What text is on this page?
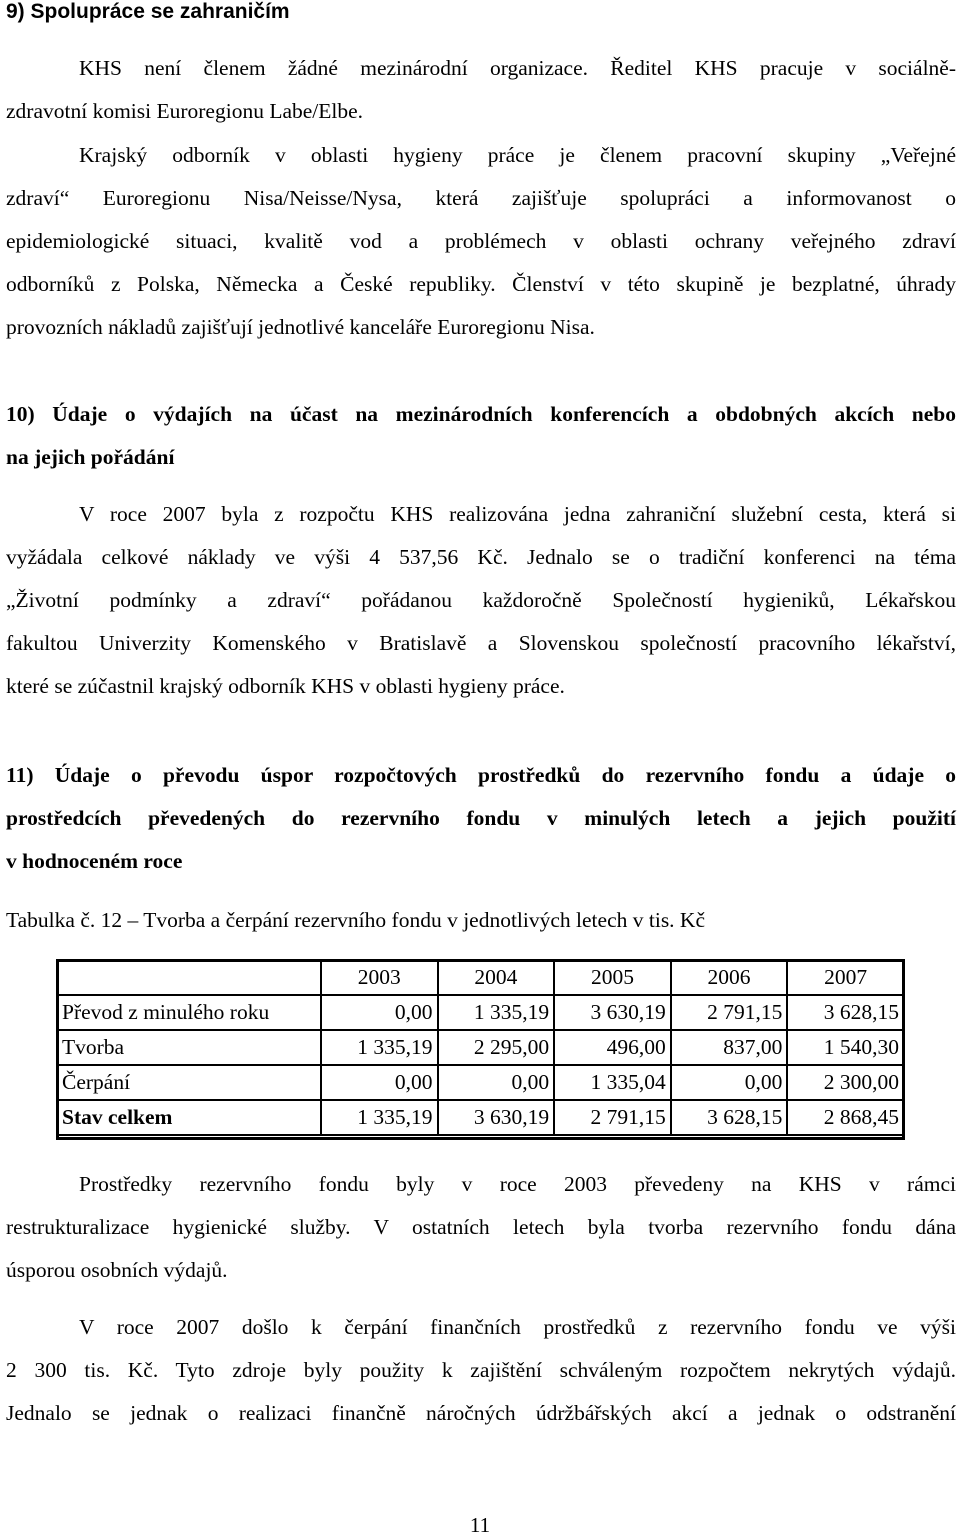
9) Spolupráce se zahraničím
KHS není členem žádné mezinárodní organizace. Ředitel KHS pracuje v sociálně-
zdravotní komisi Euroregionu Labe/Elbe.
Krajský odborník v oblasti hygieny práce je členem pracovní skupiny „Veřejné
zdraví“ Euroregionu Nisa/Neisse/Nysa, která zajišťuje spolupráci a informovanost o
epidemiologické situaci, kvalitě vod a problémech v oblasti ochrany veřejného zdraví
odborníků z Polska, Německa a České republiky. Členství v této skupině je bezplatné, úhrady
provozních nákladů zajišťují jednotlivé kanceláře Euroregionu Nisa.
10) Údaje o výdajích na účast na mezinárodních konferencích a obdobných akcích nebo
na jejich pořádání
V roce 2007 byla z rozpočtu KHS realizována jedna zahraniční služební cesta, která si
vyžádala celkové náklady ve výši 4 537,56 Kč. Jednalo se o tradiční konferenci na téma
„Životní podmínky a zdraví“ pořádanou každoročně Společností hygieniků, Lékařskou
fakultou Univerzity Komenského v Bratislavě a Slovenskou společností pracovního lékařství,
které se zúčastnil krajský odborník KHS v oblasti hygieny práce.
11) Údaje o převodu úspor rozpočtových prostředků do rezervního fondu a údaje o
prostředcích převedených do rezervního fondu v minulých letech a jejich použití
v hodnoceném roce
Tabulka č. 12 – Tvorba a čerpání rezervního fondu v jednotlivých letech v tis. Kč
	2003	2004	2005	2006	2007
Převod z minulého roku	0,00	1 335,19	3 630,19	2 791,15	3 628,15
Tvorba	1 335,19	2 295,00	496,00	837,00	1 540,30
Čerpání	0,00	0,00	1 335,04	0,00	2 300,00
Stav celkem	1 335,19	3 630,19	2 791,15	3 628,15	2 868,45
Prostředky rezervního fondu byly v roce 2003 převedeny na KHS v rámci
restrukturalizace hygienické služby. V ostatních letech byla tvorba rezervního fondu dána
úsporou osobních výdajů.
V roce 2007 došlo k čerpání finančních prostředků z rezervního fondu ve výši
2 300 tis. Kč. Tyto zdroje byly použity k zajištění schváleným rozpočtem nekrytých výdajů.
Jednalo se jednak o realizaci finančně náročných údržbářských akcí a jednak o odstranění
11
